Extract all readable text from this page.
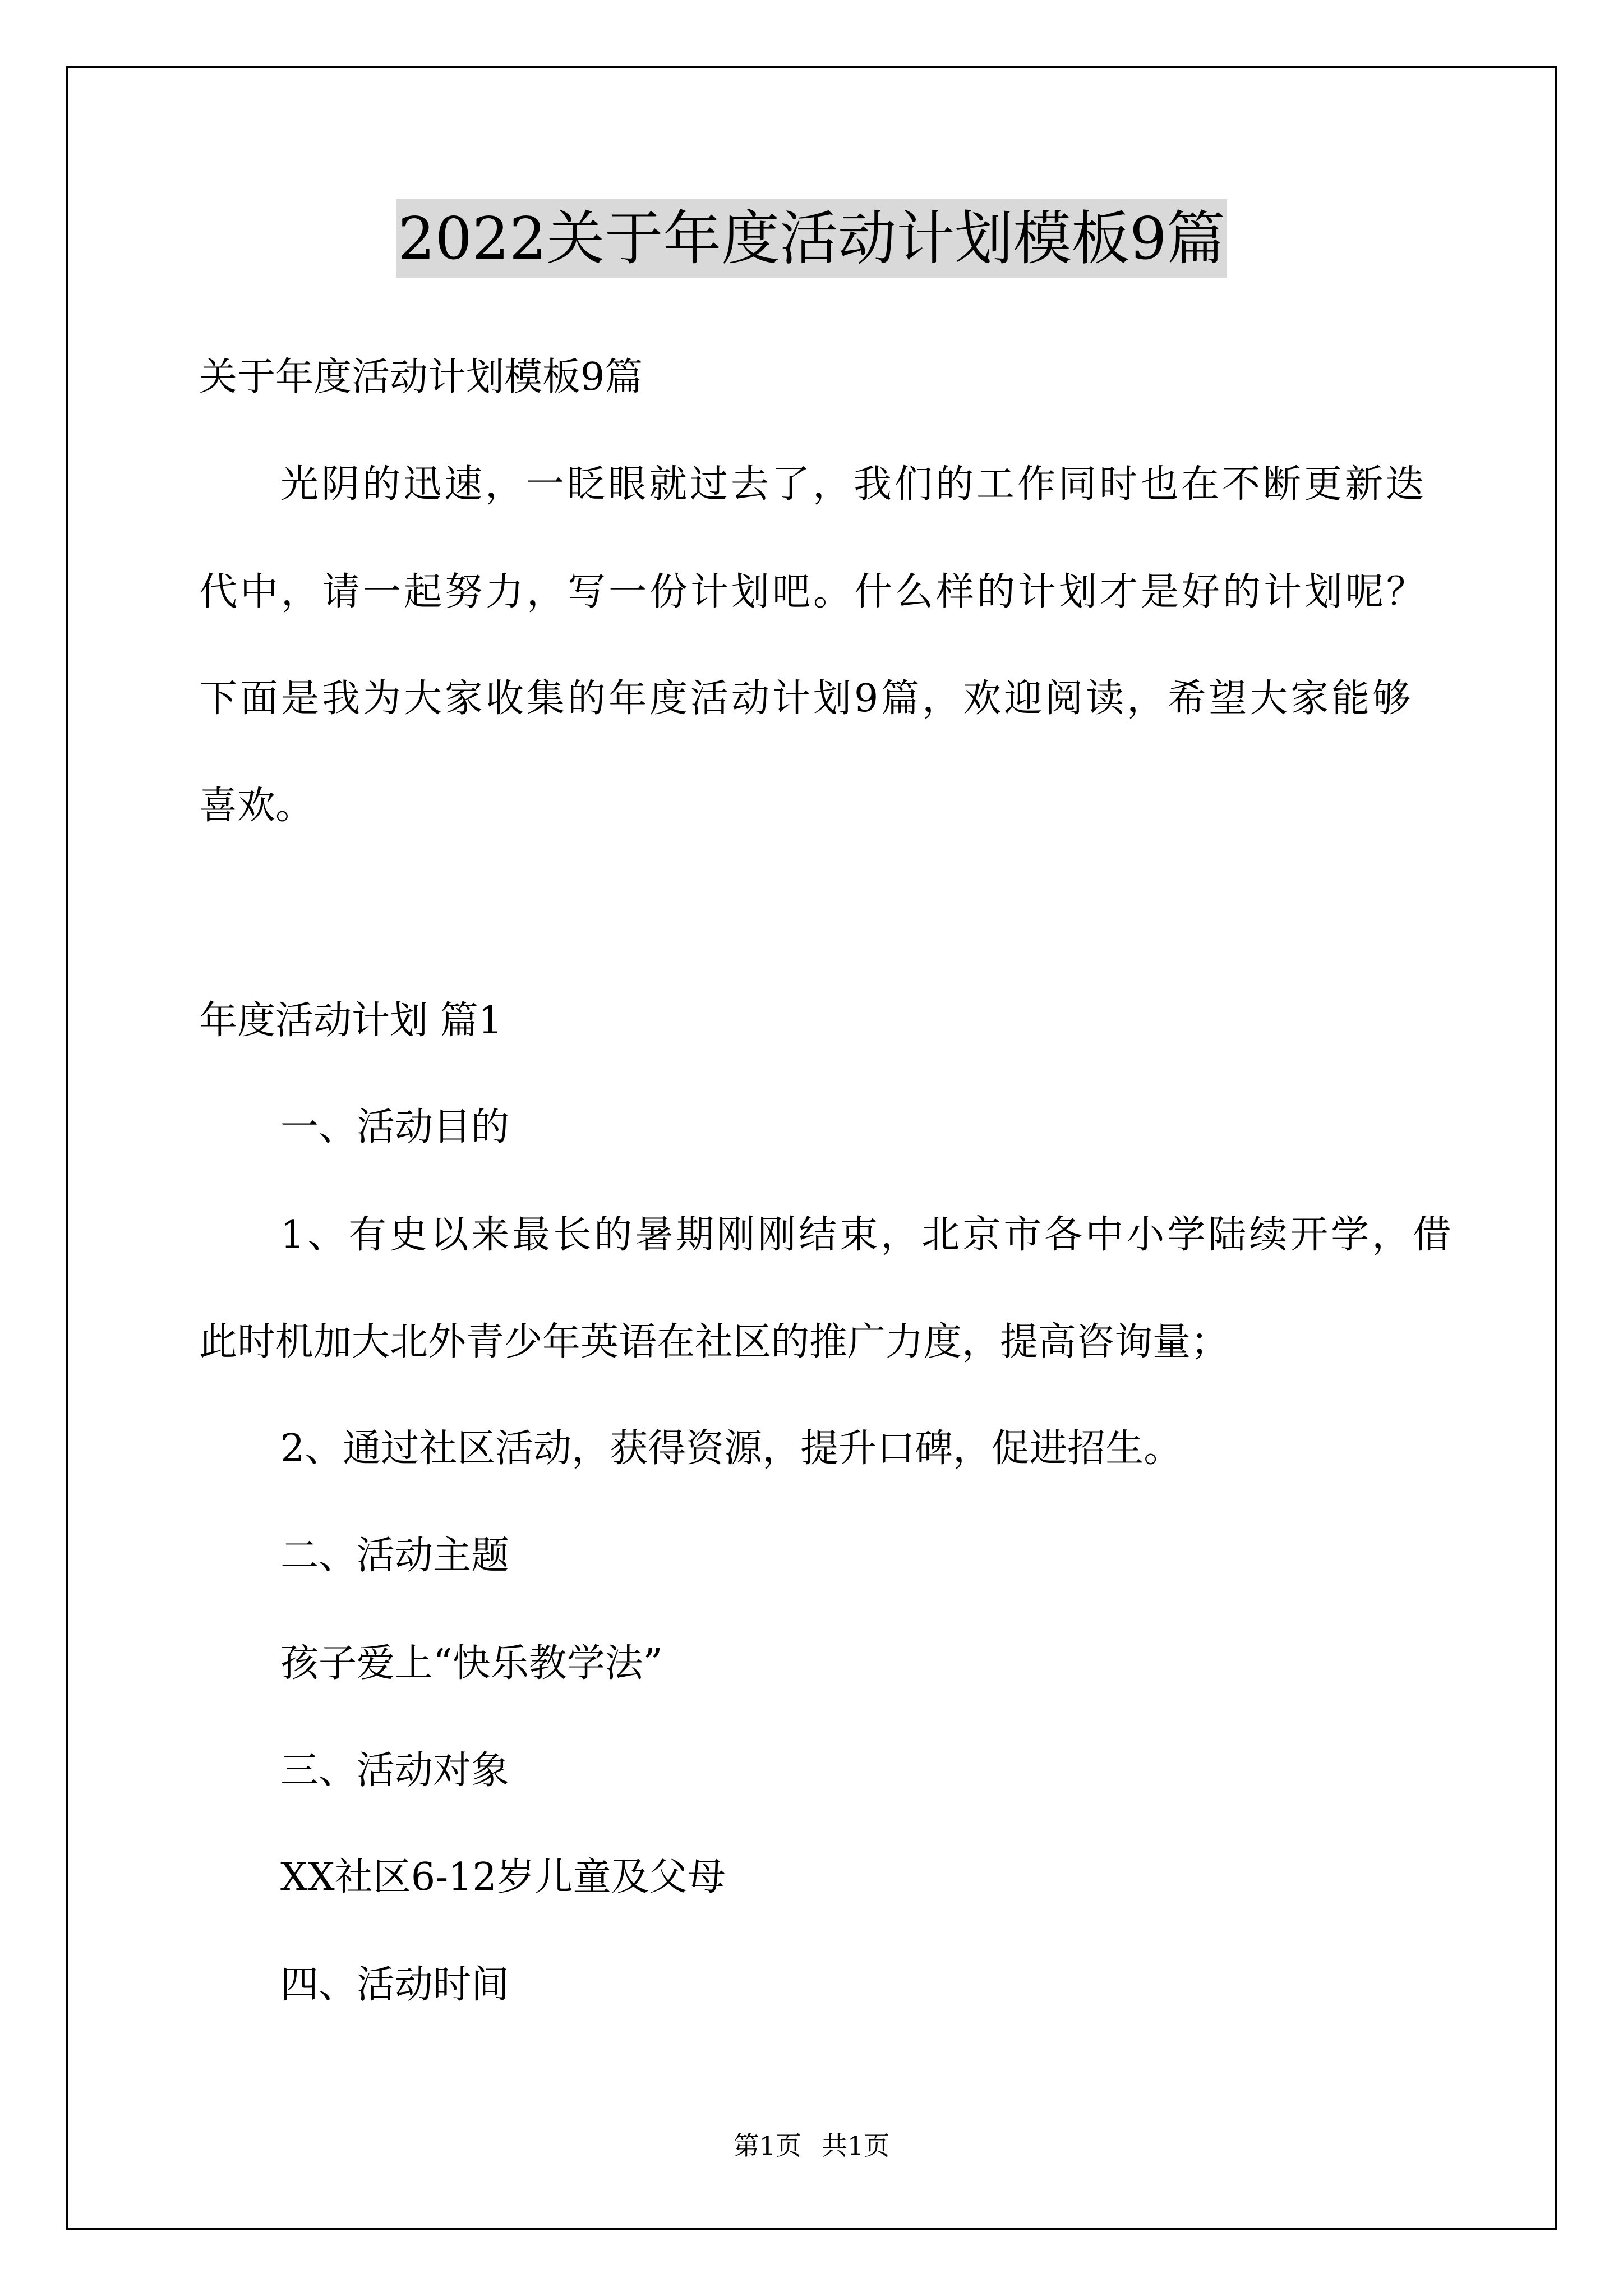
2022关于年度活动计划模板9篇
关于年度活动计划模板9篇
光阴的迅速，一眨眼就过去了，我们的工作同时也在不断更新迭
代中，请一起努力，写一份计划吧。什么样的计划才是好的计划呢？
下面是我为大家收集的年度活动计划9篇，欢迎阅读，希望大家能够
喜欢。
年度活动计划 篇1
一、活动目的
1、有史以来最长的暑期刚刚结束，北京市各中小学陆续开学，借
此时机加大北外青少年英语在社区的推广力度，提高咨询量；
2、通过社区活动，获得资源，提升口碑，促进招生。
二、活动主题
孩子爱上“快乐教学法”
三、活动对象
XX社区6-12岁儿童及父母
四、活动时间
第1页 共1页
